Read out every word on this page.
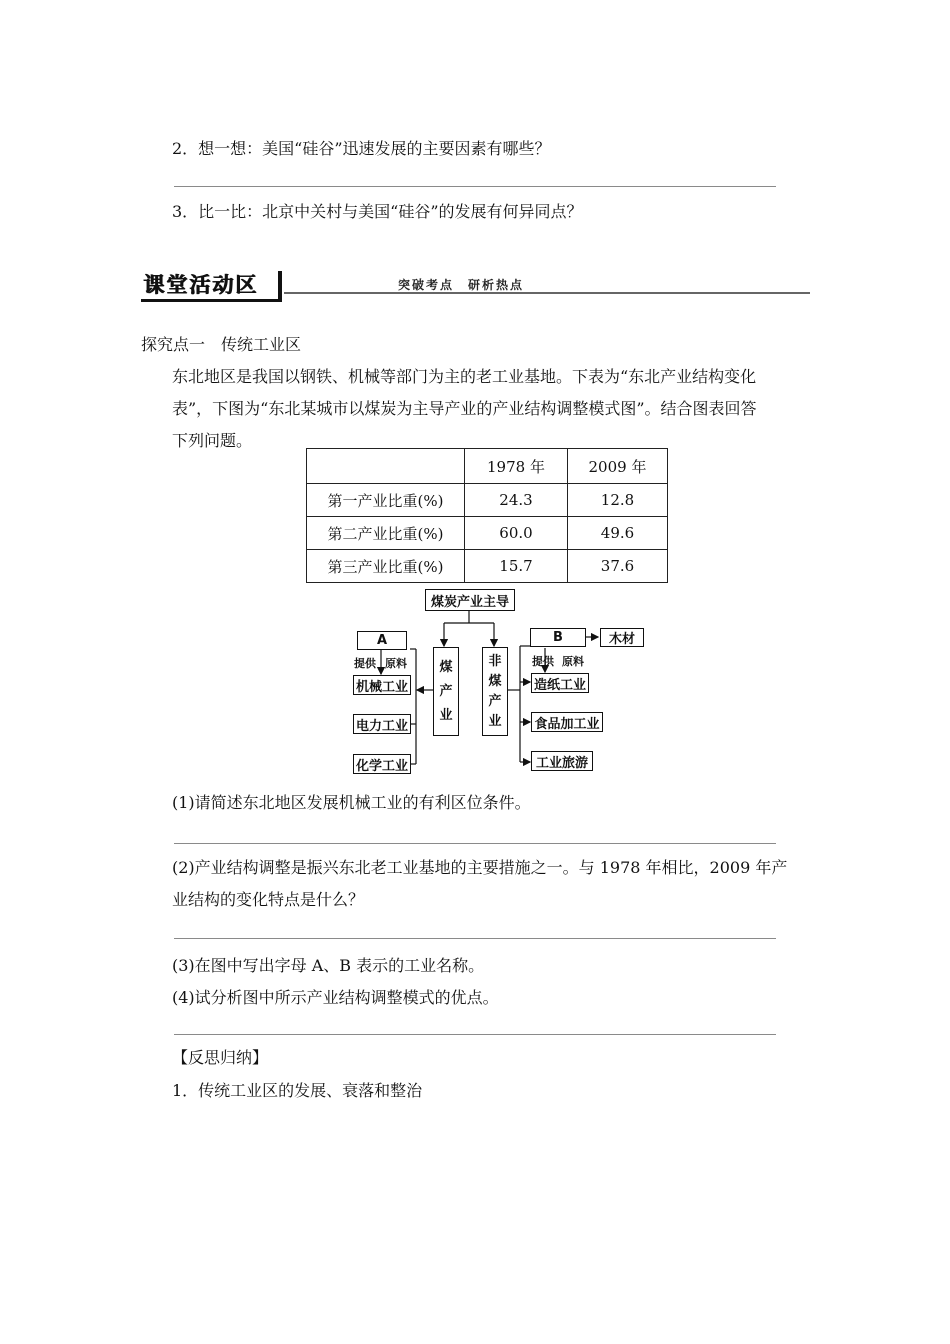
2．想一想：美国“硅谷”迅速发展的主要因素有哪些？
3．比一比：北京中关村与美国“硅谷”的发展有何异同点？
课堂活动区	突破考点　研析热点
探究点一　传统工业区
东北地区是我国以钢铁、机械等部门为主的老工业基地。下表为“东北产业结构变化
表”，下图为“东北某城市以煤炭为主导产业的产业结构调整模式图”。结合图表回答
下列问题。
	1978 年	2009 年
第一产业比重(%)	24.3	12.8
第二产业比重(%)	60.0	49.6
第三产业比重(%)	15.7	37.6
煤炭产业主导
A
提供 原料
机械工业
电力工业
化学工业
煤
产
业
非
煤
产
业
B	木材
提供 原料
造纸工业
食品加工业
工业旅游
(1)请简述东北地区发展机械工业的有利区位条件。
(2)产业结构调整是振兴东北老工业基地的主要措施之一。与 1978 年相比，2009 年产
业结构的变化特点是什么？
(3)在图中写出字母 A、B 表示的工业名称。
(4)试分析图中所示产业结构调整模式的优点。
【反思归纳】
1．传统工业区的发展、衰落和整治
